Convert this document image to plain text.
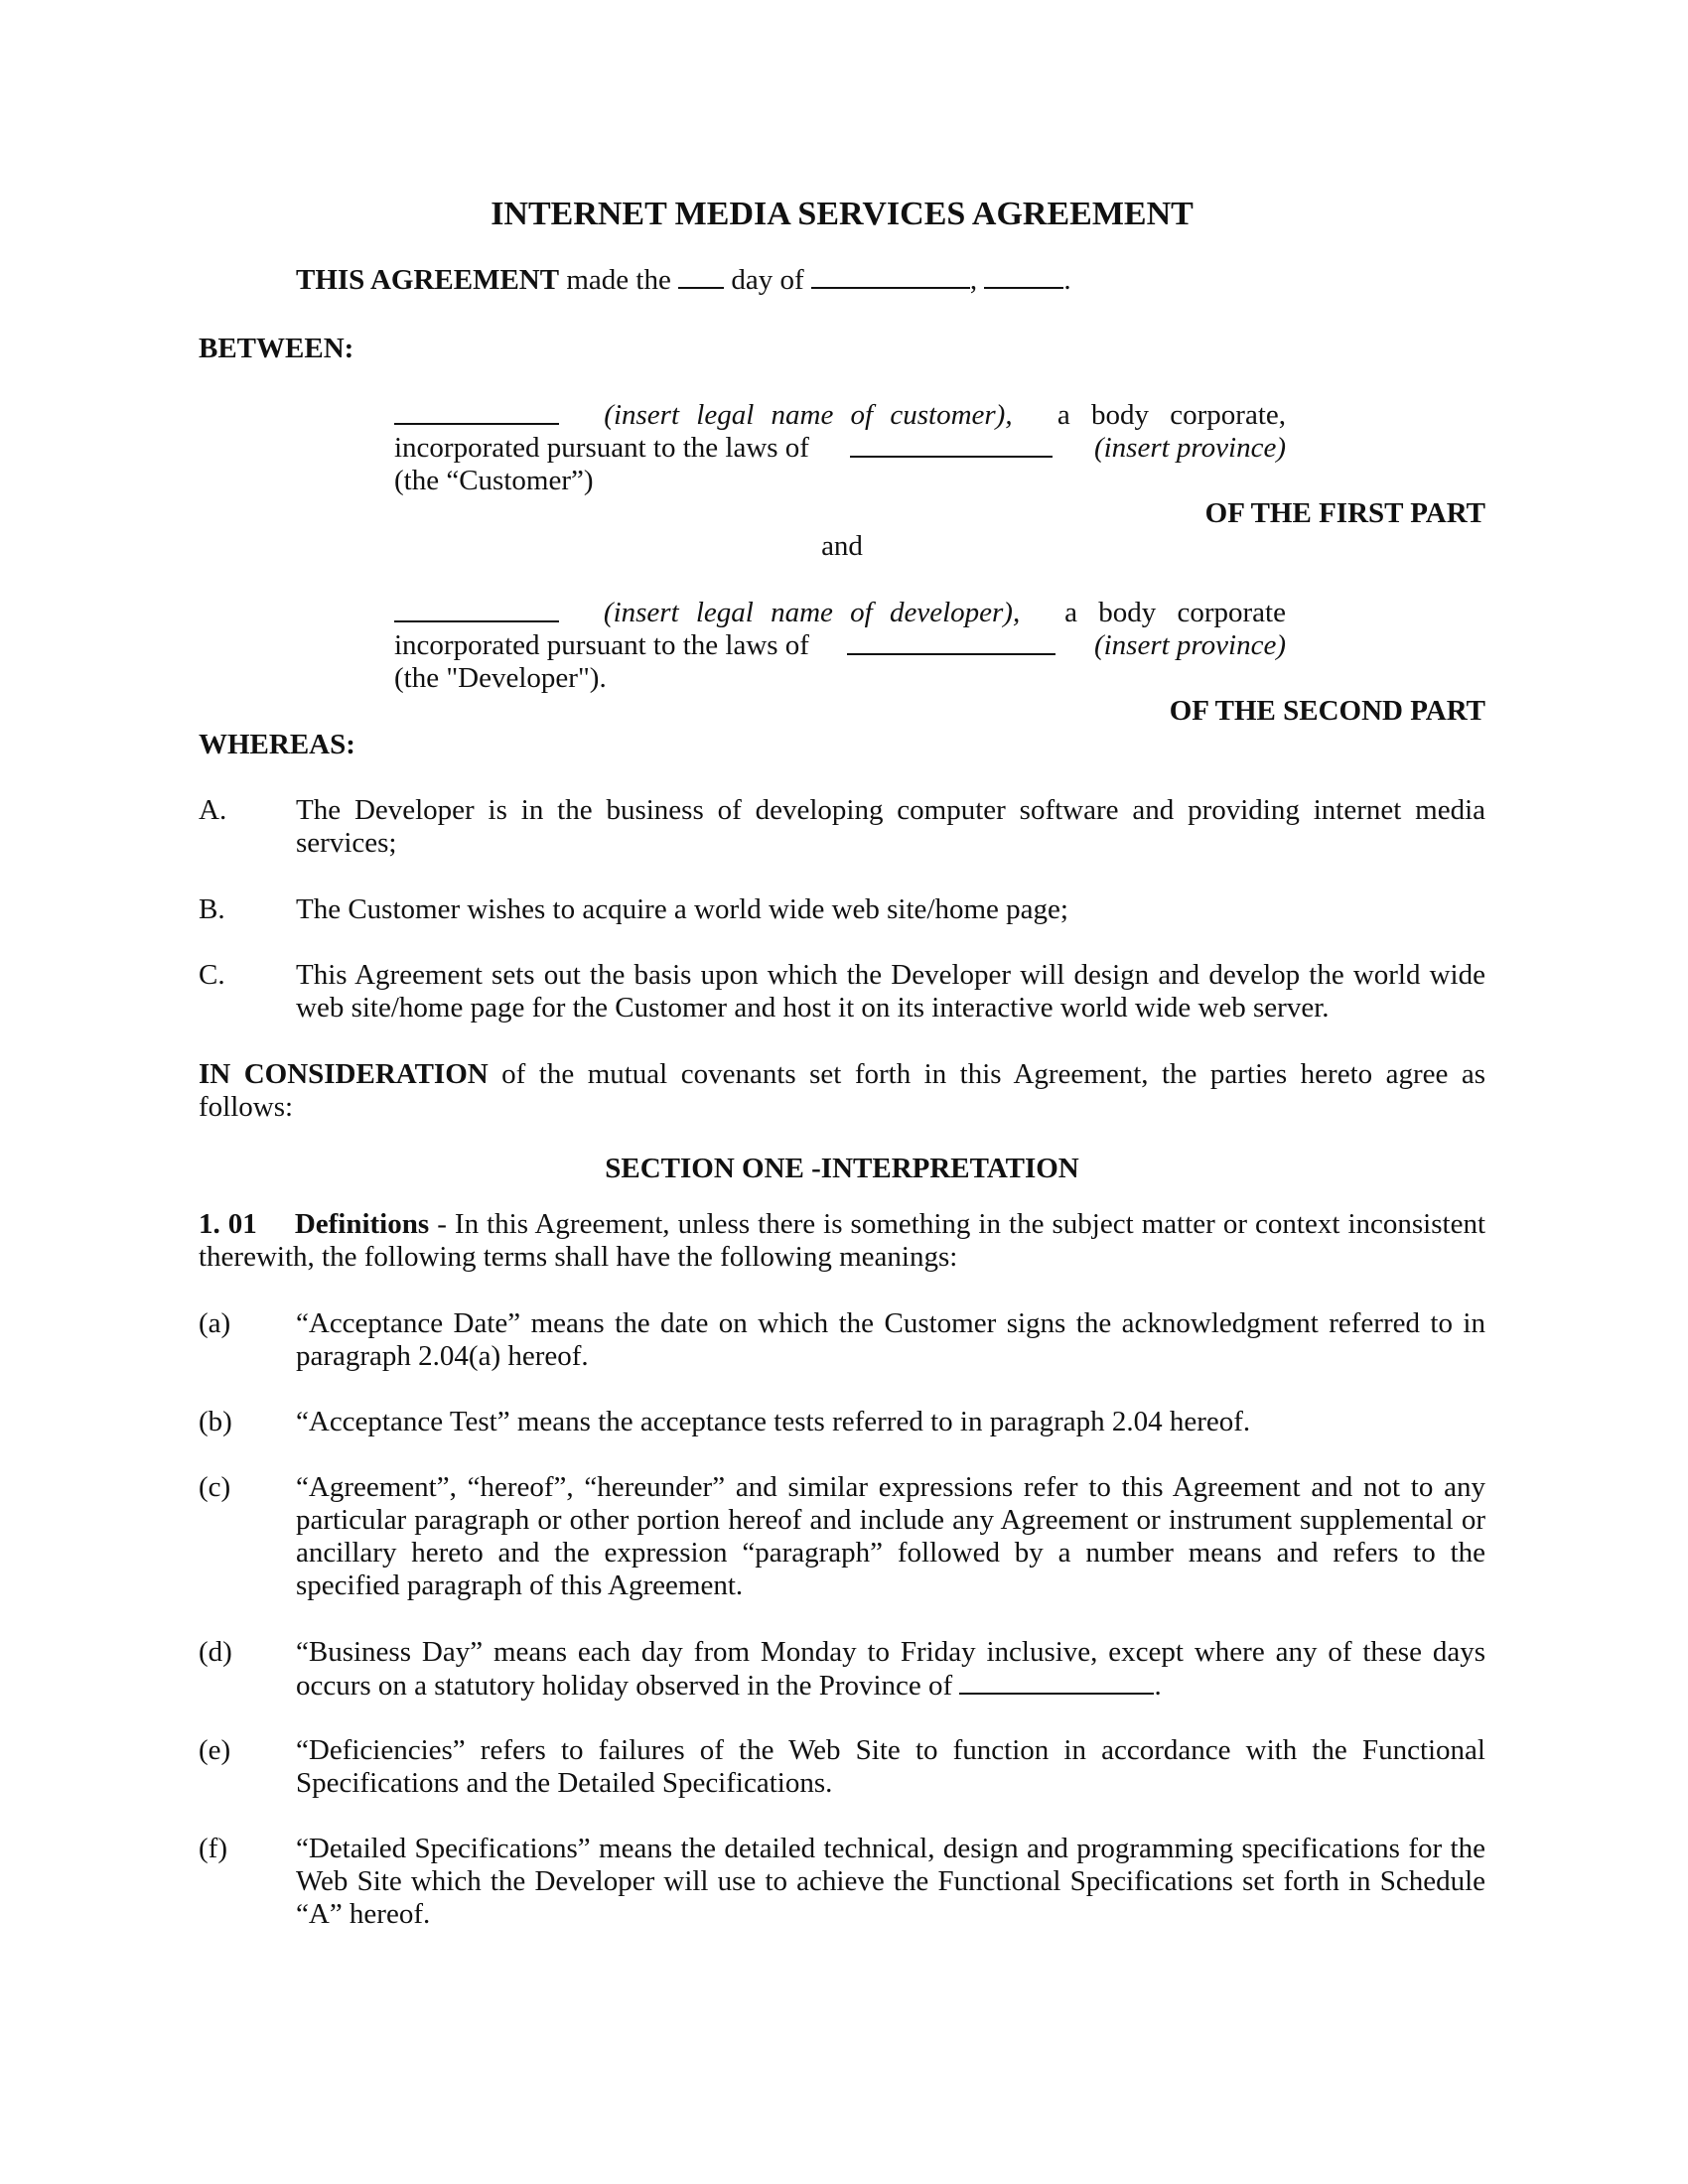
INTERNET MEDIA SERVICES AGREEMENT
THIS AGREEMENT made the  day of	,	.
BETWEEN:
(insert legal name of customer), a body corporate,
incorporated pursuant to the laws of	(insert province)
(the “Customer”)
OF THE FIRST PART
and
(insert legal name of developer), a body corporate
incorporated pursuant to the laws of	(insert province)
(the "Developer").
OF THE SECOND PART
WHEREAS:
A. The Developer is in the business of developing computer software and providing internet media services;
B. The Customer wishes to acquire a world wide web site/home page;
C. This Agreement sets out the basis upon which the Developer will design and develop the world wide web site/home page for the Customer and host it on its interactive world wide web server.
IN CONSIDERATION of the mutual covenants set forth in this Agreement, the parties hereto agree as follows:
SECTION ONE -INTERPRETATION
1. 01 Definitions - In this Agreement, unless there is something in the subject matter or context inconsistent therewith, the following terms shall have the following meanings:
(a) “Acceptance Date” means the date on which the Customer signs the acknowledgment referred to in paragraph 2.04(a) hereof.
(b) “Acceptance Test” means the acceptance tests referred to in paragraph 2.04 hereof.
(c) “Agreement”, “hereof”, “hereunder” and similar expressions refer to this Agreement and not to any particular paragraph or other portion hereof and include any Agreement or instrument supplemental or ancillary hereto and the expression “paragraph” followed by a number means and refers to the specified paragraph of this Agreement.
(d) “Business Day” means each day from Monday to Friday inclusive, except where any of these days occurs on a statutory holiday observed in the Province of	.
(e) “Deficiencies” refers to failures of the Web Site to function in accordance with the Functional Specifications and the Detailed Specifications.
(f) “Detailed Specifications” means the detailed technical, design and programming specifications for the Web Site which the Developer will use to achieve the Functional Specifications set forth in Schedule “A” hereof.
